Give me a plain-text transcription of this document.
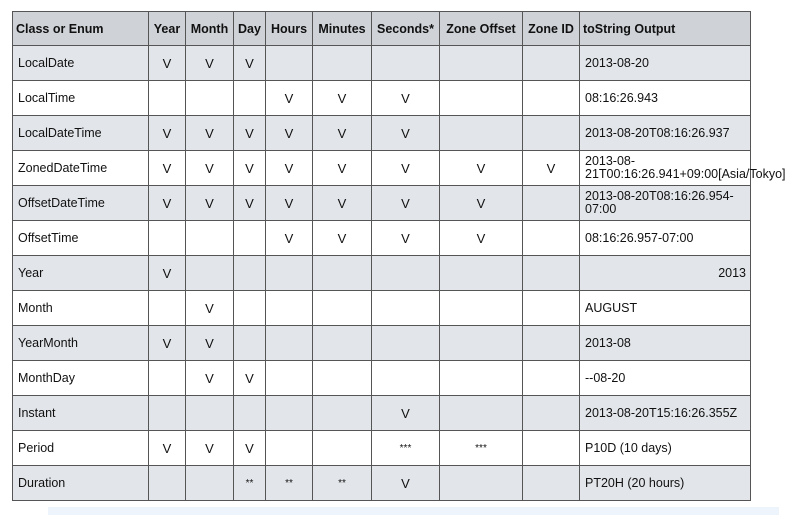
Class or Enum	Year	Month	Day	Hours	Minutes	Seconds*	Zone Offset	Zone ID	toString Output
LocalDate	V	V	V						2013-08-20
LocalTime				V	V	V			08:16:26.943
LocalDateTime	V	V	V	V	V	V			2013-08-20T08:16:26.937
ZonedDateTime	V	V	V	V	V	V	V	V	2013-08-21T00:16:26.941+09:00[Asia/Tokyo]
OffsetDateTime	V	V	V	V	V	V	V		2013-08-20T08:16:26.954-07:00
OffsetTime				V	V	V	V		08:16:26.957-07:00
Year	V								2013
Month		V							AUGUST
YearMonth	V	V							2013-08
MonthDay		V	V						--08-20
Instant						V			2013-08-20T15:16:26.355Z
Period	V	V	V			***	***		P10D (10 days)
Duration			**	**	**	V			PT20H (20 hours)
